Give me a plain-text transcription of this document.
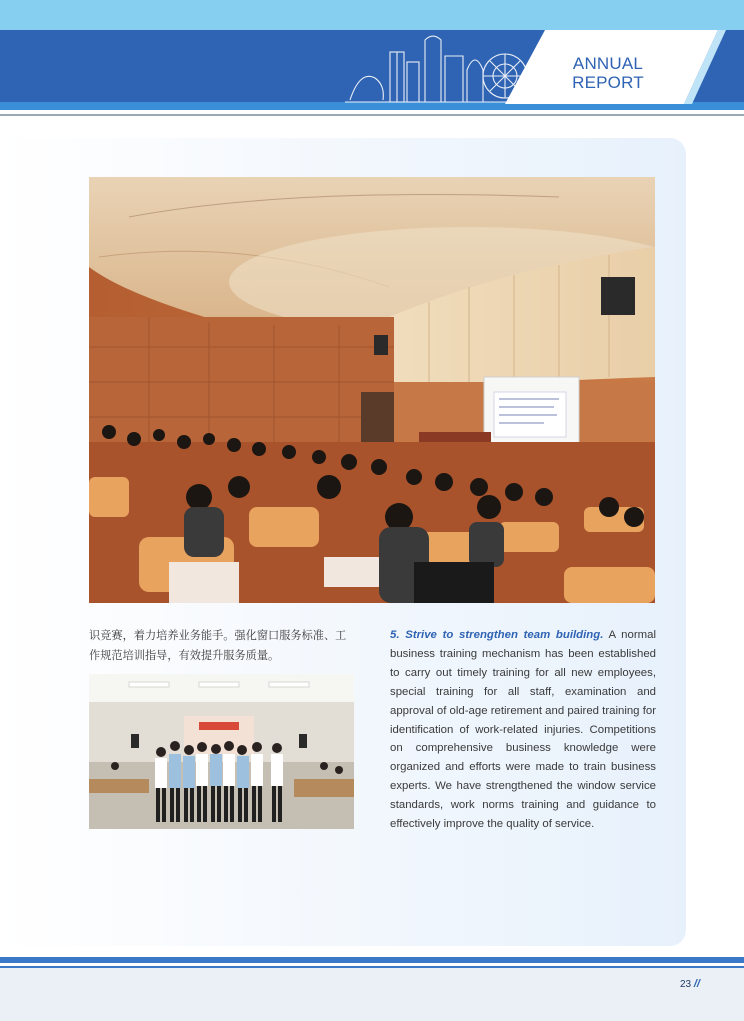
ANNUAL
REPORT
识竞赛，着力培养业务能手。强化窗口服务标准、工作规范培训指导，有效提升服务质量。
5. Strive to strengthen team building. A normal business training mechanism has been established to carry out timely training for all new employees, special training for all staff, examination and approval of old-age retirement and paired training for identification of work-related injuries. Competitions on comprehensive business knowledge were organized and efforts were made to train business experts. We have strengthened the window service standards, work norms training and guidance to effectively improve the quality of service.
23 //
